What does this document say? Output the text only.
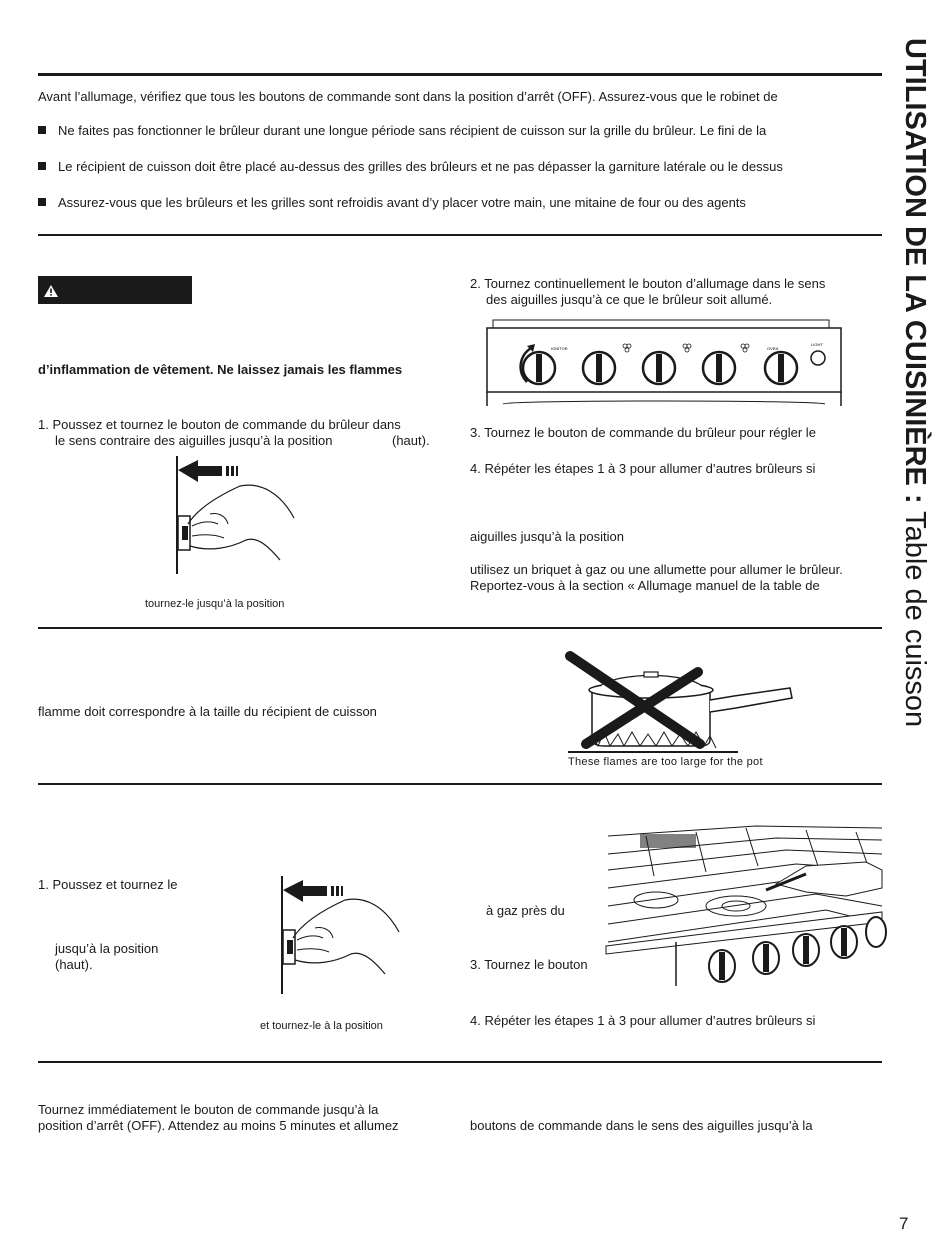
UTILISATION DE LA CUISINIÈRE : Table de cuisson
Avant l’allumage, vérifiez que tous les boutons de commande sont dans la position d’arrêt (OFF). Assurez-vous que le robinet de
Ne faites pas fonctionner le brûleur durant une longue période sans récipient de cuisson sur la grille du brûleur. Le fini de la
Le récipient de cuisson doit être placé au-dessus des grilles des brûleurs et ne pas dépasser la garniture latérale ou le dessus
Assurez-vous que les brûleurs et les grilles sont refroidis avant d’y placer votre main, une mitaine de four ou des agents
d’inflammation de vêtement. Ne laissez jamais les flammes
1. Poussez et tournez le bouton de commande du brûleur dans
le sens contraire des aiguilles jusqu’à la position	(haut).
tournez-le jusqu’à la position
2. Tournez continuellement le bouton d’allumage dans le sens
des aiguilles jusqu’à ce que le brûleur soit allumé.
IGNITOR	OVEN
LIGHT
3. Tournez le bouton de commande du brûleur pour régler le
4. Répéter les étapes 1 à 3 pour allumer d’autres brûleurs si
aiguilles jusqu’à la position
utilisez un briquet à gaz ou une allumette pour allumer le brûleur.
Reportez-vous à la section « Allumage manuel de la table de
flamme doit correspondre à la taille du récipient de cuisson
These flames are too large for the pot
1. Poussez et tournez le
jusqu’à la position
(haut).
et tournez-le à la position
à gaz près du
3. Tournez le bouton
4. Répéter les étapes 1 à 3 pour allumer d’autres brûleurs si
Tournez immédiatement le bouton de commande jusqu’à la
position d’arrêt (OFF). Attendez au moins 5 minutes et allumez	boutons de commande dans le sens des aiguilles jusqu’à la
7
